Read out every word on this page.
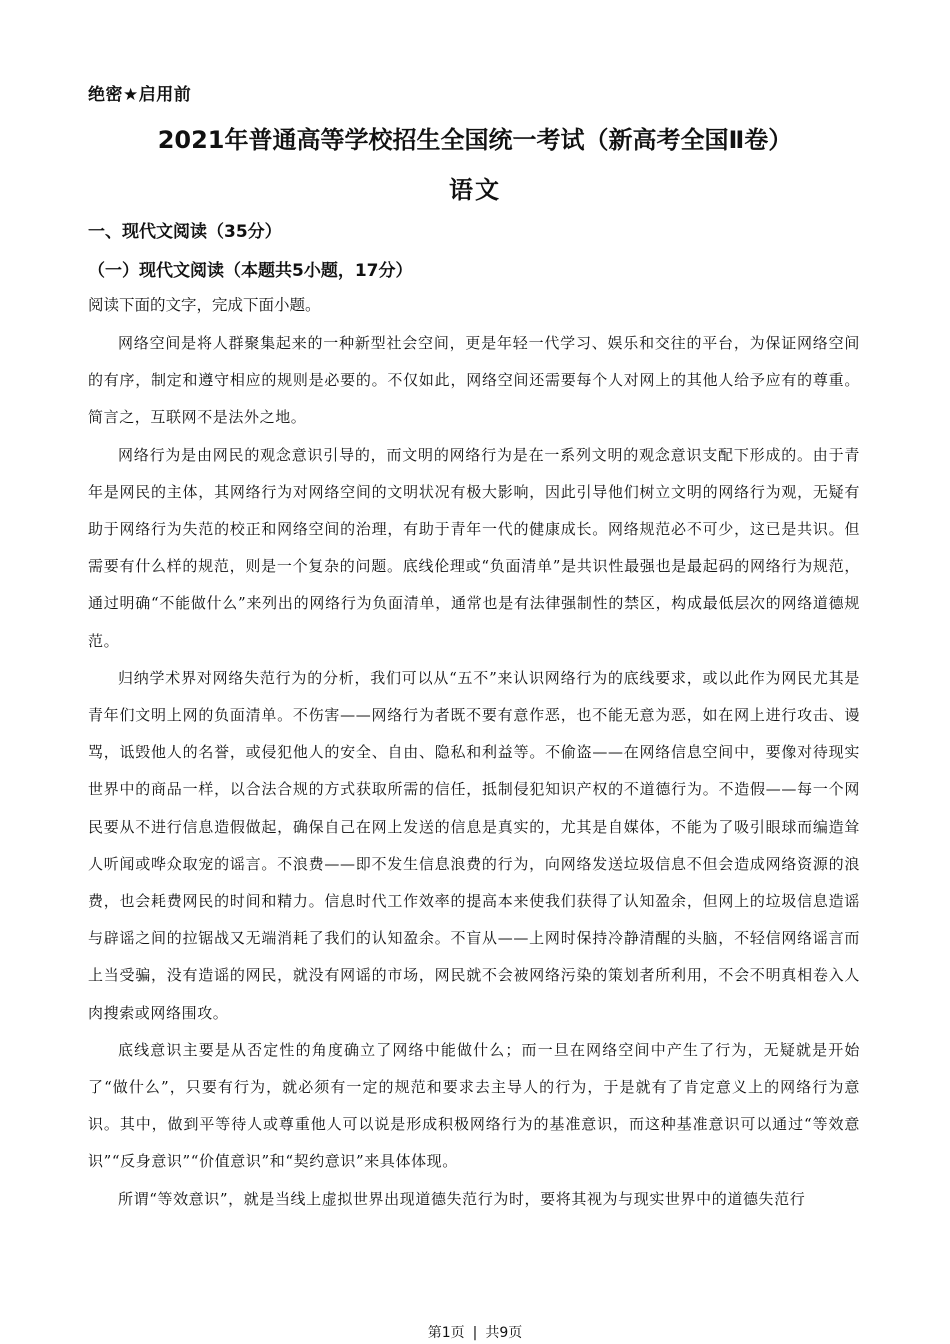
绝密★启用前
2021年普通高等学校招生全国统一考试（新高考全国Ⅱ卷）
语文
一、现代文阅读（35分）
（一）现代文阅读（本题共5小题，17分）
阅读下面的文字，完成下面小题。

网络空间是将人群聚集起来的一种新型社会空间，更是年轻一代学习、娱乐和交往的平台，为保证网络空间的有序，制定和遵守相应的规则是必要的。不仅如此，网络空间还需要每个人对网上的其他人给予应有的尊重。简言之，互联网不是法外之地。

网络行为是由网民的观念意识引导的，而文明的网络行为是在一系列文明的观念意识支配下形成的。由于青年是网民的主体，其网络行为对网络空间的文明状况有极大影响，因此引导他们树立文明的网络行为观，无疑有助于网络行为失范的校正和网络空间的治理，有助于青年一代的健康成长。网络规范必不可少，这已是共识。但需要有什么样的规范，则是一个复杂的问题。底线伦理或“负面清单”是共识性最强也是最起码的网络行为规范，通过明确“不能做什么”来列出的网络行为负面清单，通常也是有法律强制性的禁区，构成最低层次的网络道德规范。

归纳学术界对网络失范行为的分析，我们可以从“五不”来认识网络行为的底线要求，或以此作为网民尤其是青年们文明上网的负面清单。不伤害——网络行为者既不要有意作恶，也不能无意为恶，如在网上进行攻击、谩骂，诋毁他人的名誉，或侵犯他人的安全、自由、隐私和利益等。不偷盗——在网络信息空间中，要像对待现实世界中的商品一样，以合法合规的方式获取所需的信任，抵制侵犯知识产权的不道德行为。不造假——每一个网民要从不进行信息造假做起，确保自己在网上发送的信息是真实的，尤其是自媒体，不能为了吸引眼球而编造耸人听闻或哗众取宠的谣言。不浪费——即不发生信息浪费的行为，向网络发送垃圾信息不但会造成网络资源的浪费，也会耗费网民的时间和精力。信息时代工作效率的提高本来使我们获得了认知盈余，但网上的垃圾信息造谣与辟谣之间的拉锯战又无端消耗了我们的认知盈余。不盲从——上网时保持冷静清醒的头脑，不轻信网络谣言而上当受骗，没有造谣的网民，就没有网谣的市场，网民就不会被网络污染的策划者所利用，不会不明真相卷入人肉搜索或网络围攻。

底线意识主要是从否定性的角度确立了网络中能做什么；而一旦在网络空间中产生了行为，无疑就是开始了“做什么”，只要有行为，就必须有一定的规范和要求去主导人的行为，于是就有了肯定意义上的网络行为意识。其中，做到平等待人或尊重他人可以说是形成积极网络行为的基准意识，而这种基准意识可以通过“等效意识”“反身意识”“价值意识”和“契约意识”来具体体现。

所谓“等效意识”，就是当线上虚拟世界出现道德失范行为时，要将其视为与现实世界中的道德失范行

第1页 | 共9页
